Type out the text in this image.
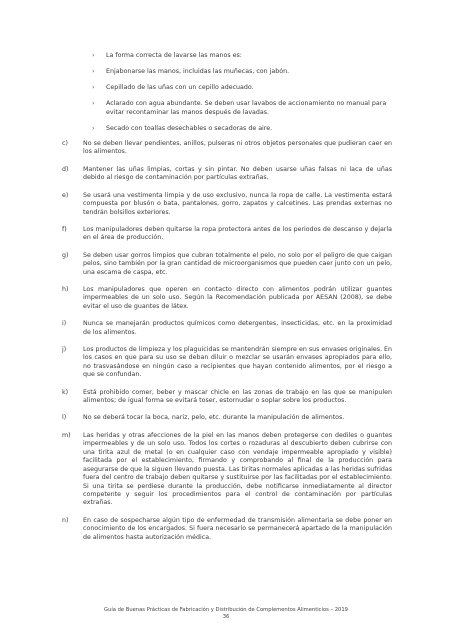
› La forma correcta de lavarse las manos es:
› Enjabonarse las manos, incluidas las muñecas, con jabón.
› Cepillado de las uñas con un cepillo adecuado.
› Aclarado con agua abundante. Se deben usar lavabos de accionamiento no manual para evitar recontaminar las manos después de lavadas.
› Secado con toallas desechables o secadoras de aire.
c) No se deben llevar pendientes, anillos, pulseras ni otros objetos personales que pudieran caer en los alimentos.
d) Mantener las uñas limpias, cortas y sin pintar. No deben usarse uñas falsas ni laca de uñas debido al riesgo de contaminación por partículas extrañas.
e) Se usará una vestimenta limpia y de uso exclusivo, nunca la ropa de calle. La vestimenta estará compuesta por blusón o bata, pantalones, gorro, zapatos y calcetines. Las prendas externas no tendrán bolsillos exteriores.
f)	Los manipuladores deben quitarse la ropa protectora antes de los periodos de descanso y dejarla en el área de producción.
g) Se deben usar gorros limpios que cubran totalmente el pelo, no solo por el peligro de que caigan pelos, sino también por la gran cantidad de microorganismos que pueden caer junto con un pelo, una escama de caspa, etc.
h) Los manipuladores que operen en contacto directo con alimentos podrán utilizar guantes impermeables de un solo uso. Según la Recomendación publicada por AESAN (2008), se debe evitar el uso de guantes de látex.
i)	Nunca se manejarán productos químicos como detergentes, insecticidas, etc. en la proximidad de los alimentos.
j)	Los productos de limpieza y los plaguicidas se mantendrán siempre en sus envases originales. En los casos en que para su uso se deban diluir o mezclar se usarán envases apropiados para ello, no trasvasándose en ningún caso a recipientes que hayan contenido alimentos, por el riesgo a que se confundan.
k) Está prohibido comer, beber y mascar chicle en las zonas de trabajo en las que se manipulen alimentos; de igual forma se evitará toser, estornudar o soplar sobre los productos.
l)	No se deberá tocar la boca, nariz, pelo, etc. durante la manipulación de alimentos.
m) Las heridas y otras afecciones de la piel en las manos deben protegerse con dediles o guantes impermeables y de un solo uso. Todos los cortes o rozaduras al descubierto deben cubrirse con una tirita azul de metal (o en cualquier caso con vendaje impermeable apropiado y visible) facilitada por el establecimiento, firmando y comprobando al final de la producción para asegurarse de que la siguen llevando puesta. Las tiritas normales aplicadas a las heridas sufridas fuera del centro de trabajo deben quitarse y sustituirse por las facilitadas por el establecimiento. Si una tirita se perdiese durante la producción, debe notificarse inmediatamente al director competente y seguir los procedimientos para el control de contaminación por partículas extrañas.
n) En caso de sospecharse algún tipo de enfermedad de transmisión alimentaria se debe poner en conocimiento de los encargados. Si fuera necesario se permanecerá apartado de la manipulación de alimentos hasta autorización médica.
Guía de Buenas Prácticas de Fabricación y Distribución de Complementos Alimenticios – 2019
36
